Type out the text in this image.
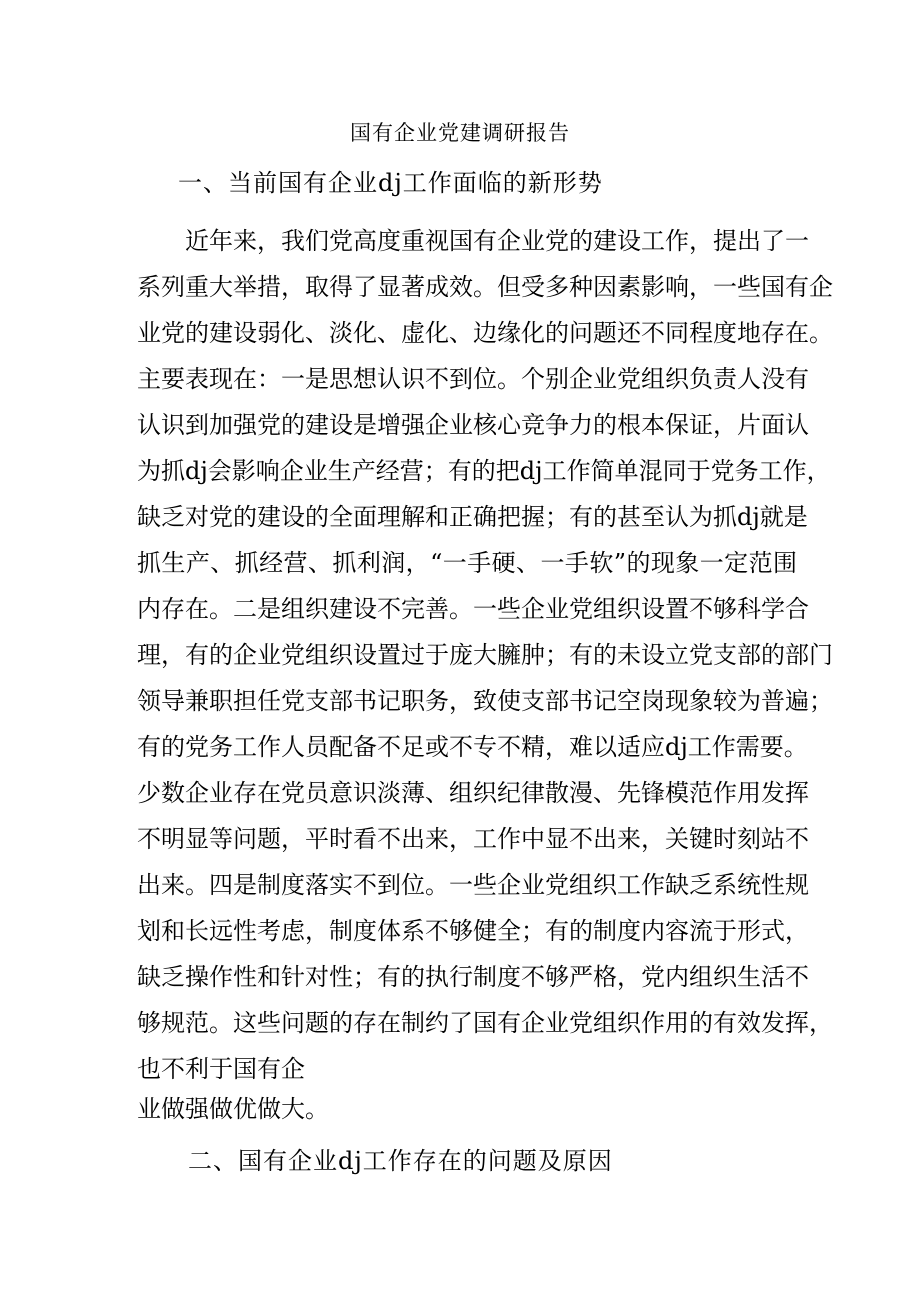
国有企业党建调研报告
一、当前国有企业dj工作面临的新形势
近年来，我们党高度重视国有企业党的建设工作，提出了一
系列重大举措，取得了显著成效。但受多种因素影响，一些国有企
业党的建设弱化、淡化、虚化、边缘化的问题还不同程度地存在。
主要表现在：一是思想认识不到位。个别企业党组织负责人没有
认识到加强党的建设是增强企业核心竞争力的根本保证，片面认
为抓dj会影响企业生产经营；有的把dj工作简单混同于党务工作，
缺乏对党的建设的全面理解和正确把握；有的甚至认为抓dj就是
抓生产、抓经营、抓利润，“一手硬、一手软”的现象一定范围
内存在。二是组织建设不完善。一些企业党组织设置不够科学合
理，有的企业党组织设置过于庞大臃肿；有的未设立党支部的部门
领导兼职担任党支部书记职务，致使支部书记空岗现象较为普遍；
有的党务工作人员配备不足或不专不精，难以适应dj工作需要。
少数企业存在党员意识淡薄、组织纪律散漫、先锋模范作用发挥
不明显等问题，平时看不出来，工作中显不出来，关键时刻站不
出来。四是制度落实不到位。一些企业党组织工作缺乏系统性规
划和长远性考虑，制度体系不够健全；有的制度内容流于形式，
缺乏操作性和针对性；有的执行制度不够严格，党内组织生活不
够规范。这些问题的存在制约了国有企业党组织作用的有效发挥，
也不利于国有企
业做强做优做大。
二、国有企业dj工作存在的问题及原因
